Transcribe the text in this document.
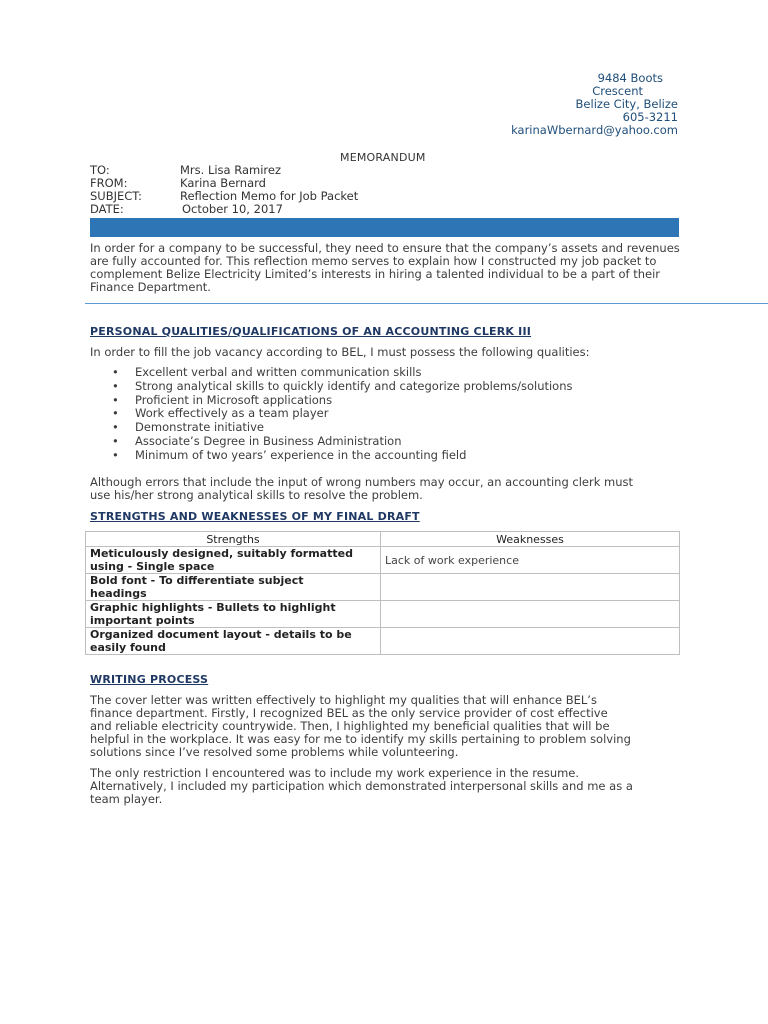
9484 Boots
Crescent
Belize City, Belize
605-3211
karinaWbernard@yahoo.com
MEMORANDUM
TO:	Mrs. Lisa Ramirez
FROM:	Karina Bernard
SUBJECT:	Reflection Memo for Job Packet
DATE:	October 10, 2017

In order for a company to be successful, they need to ensure that the company’s assets and revenues

are fully accounted for. This reflection memo serves to explain how I constructed my job packet to

complement Belize Electricity Limited’s interests in hiring a talented individual to be a part of their

Finance Department.

PERSONAL QUALITIES/QUALIFICATIONS OF AN ACCOUNTING CLERK III
In order to fill the job vacancy according to BEL, I must possess the following qualities:
• Excellent verbal and written communication skills
• Strong analytical skills to quickly identify and categorize problems/solutions
• Proficient in Microsoft applications
• Work effectively as a team player
• Demonstrate initiative
• Associate’s Degree in Business Administration
• Minimum of two years’ experience in the accounting field

Although errors that include the input of wrong numbers may occur, an accounting clerk must

use his/her strong analytical skills to resolve the problem.

STRENGTHS AND WEAKNESSES OF MY FINAL DRAFT
Strengths	Weaknesses

Meticulously designed, suitably formatted
using - Single space	Lack of work experience

Bold font - To differentiate subject
headings	

Graphic highlights - Bullets to highlight
important points	

Organized document layout - details to be
easily found	

WRITING PROCESS

The cover letter was written effectively to highlight my qualities that will enhance BEL’s

finance department. Firstly, I recognized BEL as the only service provider of cost effective

and reliable electricity countrywide. Then, I highlighted my beneficial qualities that will be

helpful in the workplace. It was easy for me to identify my skills pertaining to problem solving

solutions since I’ve resolved some problems while volunteering.

The only restriction I encountered was to include my work experience in the resume.

Alternatively, I included my participation which demonstrated interpersonal skills and me as a

team player.
